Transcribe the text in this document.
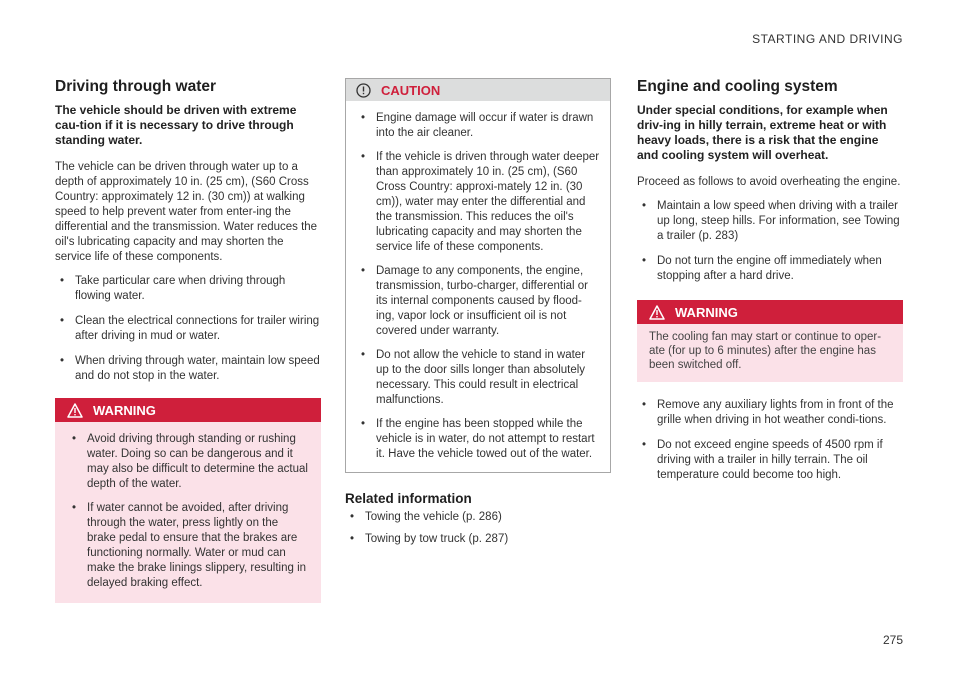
STARTING AND DRIVING
Driving through water

The vehicle should be driven with extreme cau-tion if it is necessary to drive through standing water.

The vehicle can be driven through water up to a depth of approximately 10 in. (25 cm), (S60 Cross Country: approximately 12 in. (30 cm)) at walking speed to help prevent water from enter-ing the differential and the transmission. Water reduces the oil's lubricating capacity and may shorten the service life of these components.

• Take particular care when driving through flowing water.
• Clean the electrical connections for trailer wiring after driving in mud or water.
• When driving through water, maintain low speed and do not stop in the water.
WARNING
• Avoid driving through standing or rushing water. Doing so can be dangerous and it may also be difficult to determine the actual depth of the water.
• If water cannot be avoided, after driving through the water, press lightly on the brake pedal to ensure that the brakes are functioning normally. Water or mud can make the brake linings slippery, resulting in delayed braking effect.
CAUTION
• Engine damage will occur if water is drawn into the air cleaner.
• If the vehicle is driven through water deeper than approximately 10 in. (25 cm), (S60 Cross Country: approxi-mately 12 in. (30 cm)), water may enter the differential and the transmission. This reduces the oil's lubricating capacity and may shorten the service life of these components.
• Damage to any components, the engine, transmission, turbo-charger, differential or its internal components caused by flood-ing, vapor lock or insufficient oil is not covered under warranty.
• Do not allow the vehicle to stand in water up to the door sills longer than absolutely necessary. This could result in electrical malfunctions.
• If the engine has been stopped while the vehicle is in water, do not attempt to restart it. Have the vehicle towed out of the water.
Related information
• Towing the vehicle (p. 286)
• Towing by tow truck (p. 287)
Engine and cooling system

Under special conditions, for example when driv-ing in hilly terrain, extreme heat or with heavy loads, there is a risk that the engine and cooling system will overheat.

Proceed as follows to avoid overheating the engine.

• Maintain a low speed when driving with a trailer up long, steep hills. For information, see Towing a trailer (p. 283)
• Do not turn the engine off immediately when stopping after a hard drive.
WARNING

The cooling fan may start or continue to oper-ate (for up to 6 minutes) after the engine has been switched off.

• Remove any auxiliary lights from in front of the grille when driving in hot weather condi-tions.
• Do not exceed engine speeds of 4500 rpm if driving with a trailer in hilly terrain. The oil temperature could become too high.
275
